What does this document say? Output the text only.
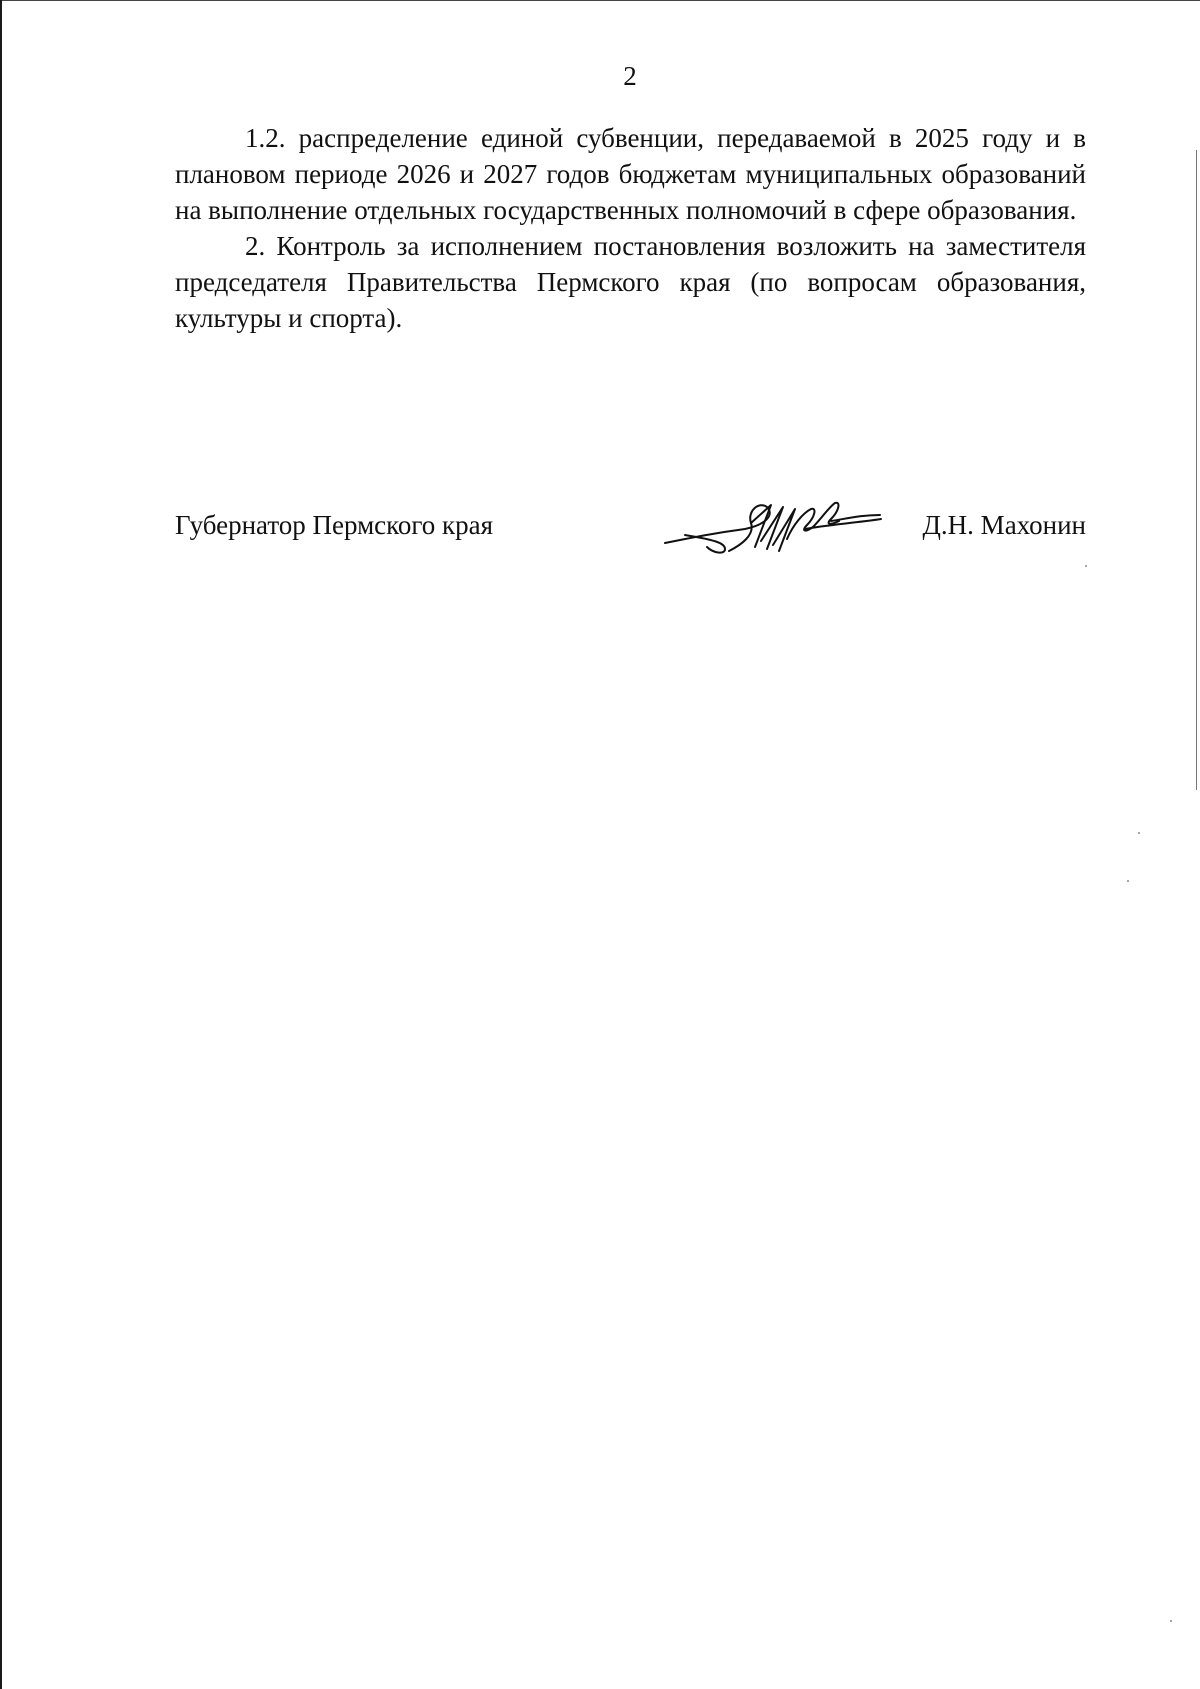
2

1.2. распределение единой субвенции, передаваемой в 2025 году и в плановом периоде 2026 и 2027 годов бюджетам муниципальных образований на выполнение отдельных государственных полномочий в сфере образования.

2. Контроль за исполнением постановления возложить на заместителя председателя Правительства Пермского края (по вопросам образования, культуры и спорта).

Губернатор Пермского края	Д.Н. Махонин
